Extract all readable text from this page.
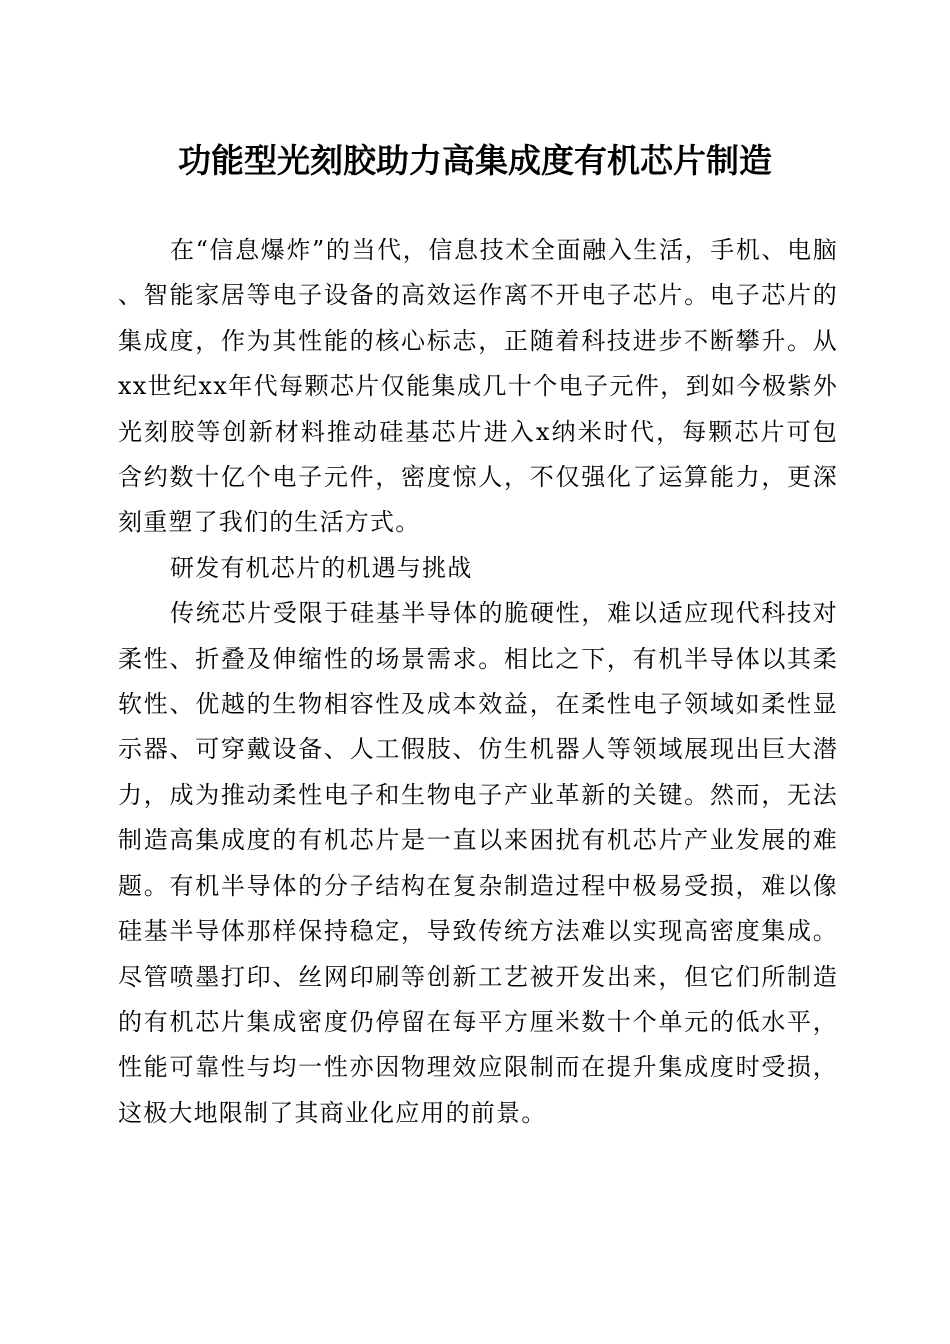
功能型光刻胶助力高集成度有机芯片制造

在“信息爆炸”的当代，信息技术全面融入生活，手机、电脑、智能家居等电子设备的高效运作离不开电子芯片。电子芯片的集成度，作为其性能的核心标志，正随着科技进步不断攀升。从xx世纪xx年代每颗芯片仅能集成几十个电子元件，到如今极紫外光刻胶等创新材料推动硅基芯片进入x纳米时代，每颗芯片可包含约数十亿个电子元件，密度惊人，不仅强化了运算能力，更深刻重塑了我们的生活方式。

研发有机芯片的机遇与挑战

传统芯片受限于硅基半导体的脆硬性，难以适应现代科技对柔性、折叠及伸缩性的场景需求。相比之下，有机半导体以其柔软性、优越的生物相容性及成本效益，在柔性电子领域如柔性显示器、可穿戴设备、人工假肢、仿生机器人等领域展现出巨大潜力，成为推动柔性电子和生物电子产业革新的关键。然而，无法制造高集成度的有机芯片是一直以来困扰有机芯片产业发展的难题。有机半导体的分子结构在复杂制造过程中极易受损，难以像硅基半导体那样保持稳定，导致传统方法难以实现高密度集成。尽管喷墨打印、丝网印刷等创新工艺被开发出来，但它们所制造的有机芯片集成密度仍停留在每平方厘米数十个单元的低水平，性能可靠性与均一性亦因物理效应限制而在提升集成度时受损，这极大地限制了其商业化应用的前景。
